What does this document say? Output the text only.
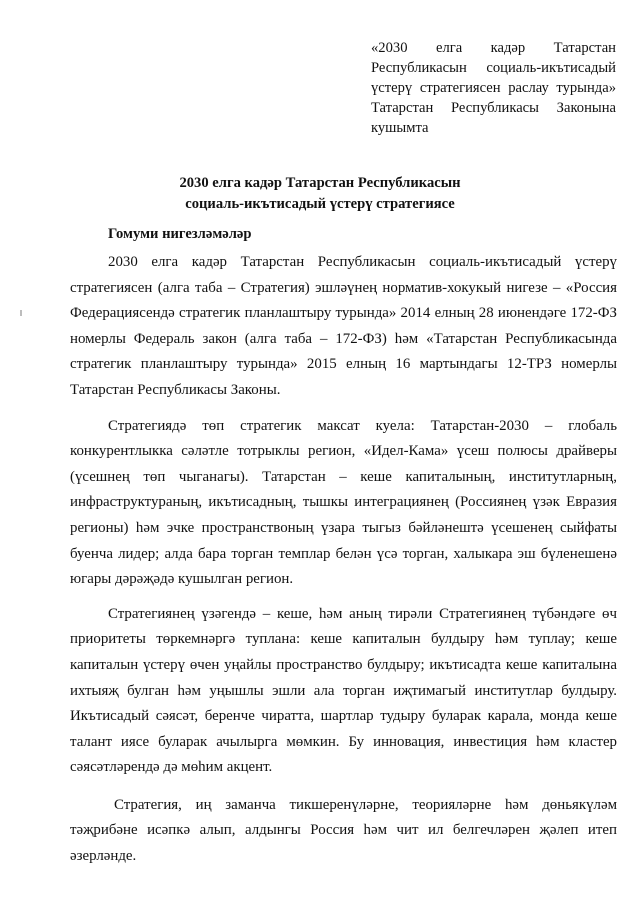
«2030 елга кадәр Татарстан Республикасын социаль-икътисадый үстерү стратегиясен раслау турында» Татарстан Республикасы Законына кушымта
2030 елга кадәр Татарстан Республикасын
социаль-икътисадый үстерү стратегиясе
Гомуми нигезләмәләр

2030 елга кадәр Татарстан Республикасын социаль-икътисадый үстерү стратегиясен (алга таба – Стратегия) эшләүнең норматив-хокукый нигезе – «Россия Федерациясендә стратегик планлаштыру турында» 2014 елның 28 июнендәге 172-ФЗ номерлы Федераль закон (алга таба – 172-ФЗ) һәм «Татарстан Республикасында стратегик планлаштыру турында» 2015 елның 16 мартындагы 12-ТРЗ номерлы Татарстан Республикасы Законы.

Стратегиядә төп стратегик максат куела: Татарстан-2030 – глобаль конкурентлыкка сәләтле тотрыклы регион, «Идел-Кама» үсеш полюсы драйверы (үсешнең төп чыганагы). Татарстан – кеше капиталының, институтларның, инфраструктураның, икътисадның, тышкы интеграциянең (Россиянең үзәк Евразия регионы) һәм эчке пространствоның үзара тыгыз бәйләнештә үсешенең сыйфаты буенча лидер; алда бара торган темплар белән үсә торган, халыкара эш бүленешенә югары дәрәҗәдә кушылган регион.

Стратегиянең үзәгендә – кеше, һәм аның тирәли Стратегиянең түбәндәге өч приоритеты төркемнәргә туплана: кеше капиталын булдыру һәм туплау; кеше капиталын үстерү өчен уңайлы пространство булдыру; икътисадта кеше капиталына ихтыяҗ булган һәм уңышлы эшли ала торган иҗтимагый институтлар булдыру. Икътисадый сәясәт, беренче чиратта, шартлар тудыру буларак карала, монда кеше талант иясе буларак ачылырга мөмкин. Бу инновация, инвестиция һәм кластер сәясәтләрендә дә мөһим акцент.

Стратегия, иң заманча тикшеренүләрне, теорияләрне һәм дөньякүләм тәҗрибәне исәпкә алып, алдынгы Россия һәм чит ил белгечләрен җәлеп итеп әзерләнде.
